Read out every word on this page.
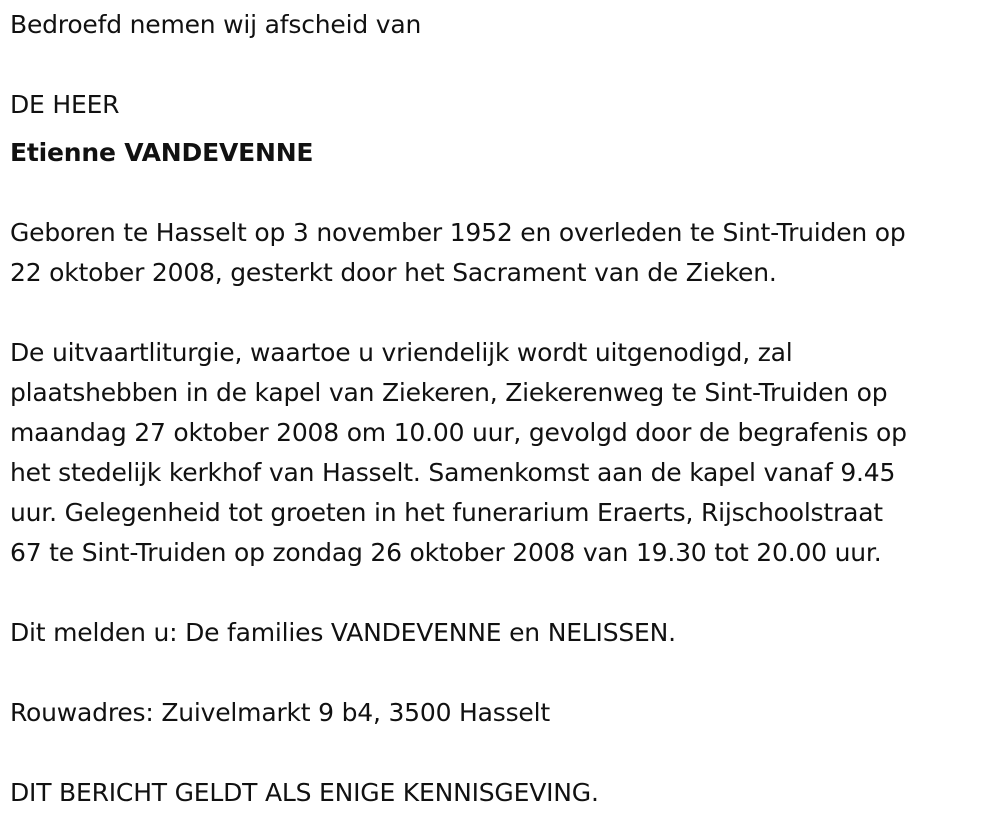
Bedroefd nemen wij afscheid van
DE HEER
Etienne VANDEVENNE
Geboren te Hasselt op 3 november 1952 en overleden te Sint-Truiden op
22 oktober 2008, gesterkt door het Sacrament van de Zieken.
De uitvaartliturgie, waartoe u vriendelijk wordt uitgenodigd, zal
plaatshebben in de kapel van Ziekeren, Ziekerenweg te Sint-Truiden op
maandag 27 oktober 2008 om 10.00 uur, gevolgd door de begrafenis op
het stedelijk kerkhof van Hasselt. Samenkomst aan de kapel vanaf 9.45
uur. Gelegenheid tot groeten in het funerarium Eraerts, Rijschoolstraat
67 te Sint-Truiden op zondag 26 oktober 2008 van 19.30 tot 20.00 uur.
Dit melden u: De families VANDEVENNE en NELISSEN.
Rouwadres: Zuivelmarkt 9 b4, 3500 Hasselt
DIT BERICHT GELDT ALS ENIGE KENNISGEVING.
